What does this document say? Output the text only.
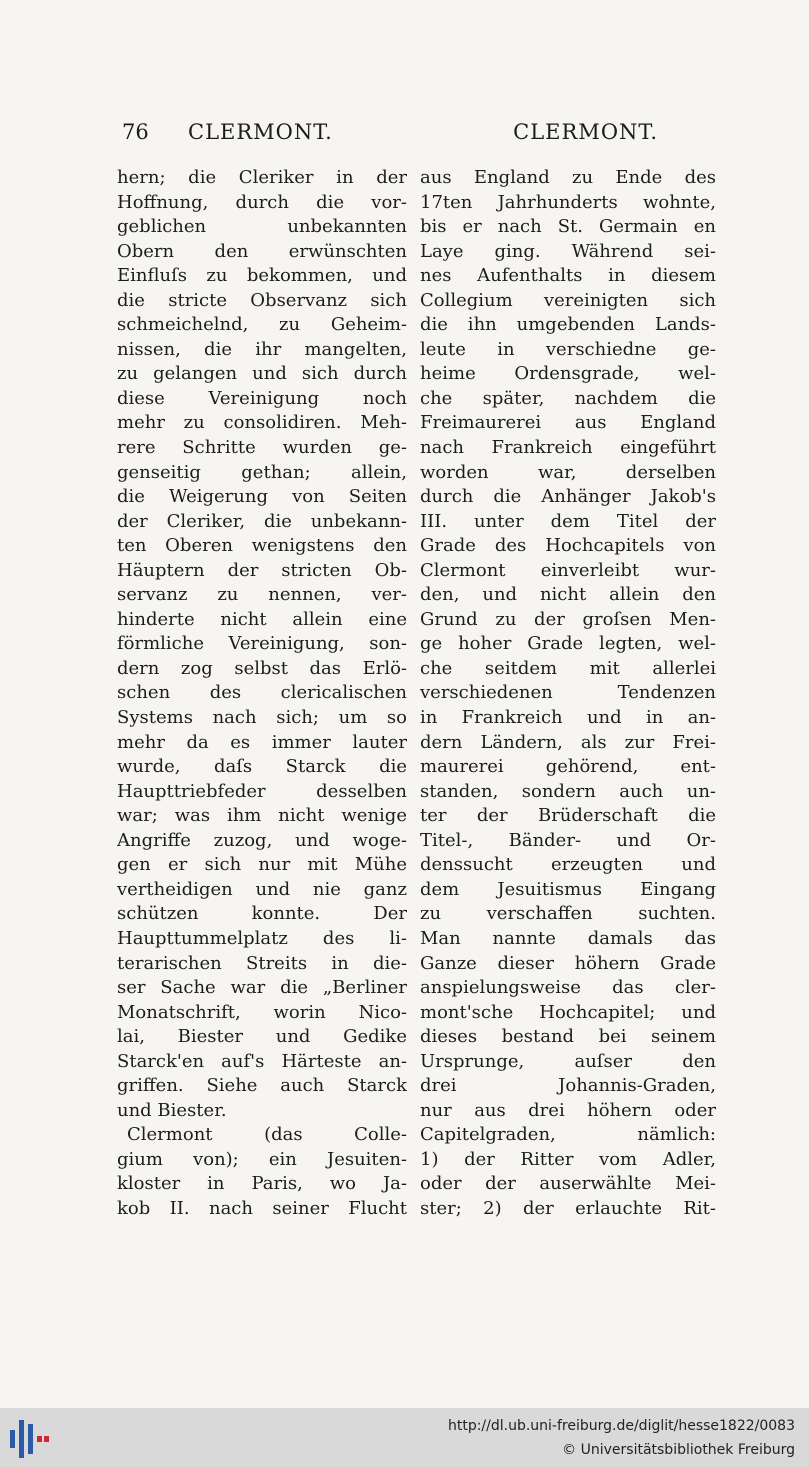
76 CLERMONT.	CLERMONT.
hern; die Cleriker in der
Hoffnung, durch die vor-
geblichen unbekannten
Obern den erwünschten
Einfluſs zu bekommen, und
die stricte Observanz sich
schmeichelnd, zu Geheim-
nissen, die ihr mangelten,
zu gelangen und sich durch
diese Vereinigung noch
mehr zu consolidiren. Meh-
rere Schritte wurden ge-
genseitig gethan; allein,
die Weigerung von Seiten
der Cleriker, die unbekann-
ten Oberen wenigstens den
Häuptern der stricten Ob-
servanz zu nennen, ver-
hinderte nicht allein eine
förmliche Vereinigung, son-
dern zog selbst das Erlö-
schen des clericalischen
Systems nach sich; um so
mehr da es immer lauter
wurde, daſs Starck die
Haupttriebfeder desselben
war; was ihm nicht wenige
Angriffe zuzog, und woge-
gen er sich nur mit Mühe
vertheidigen und nie ganz
schützen konnte. Der
Haupttummelplatz des li-
terarischen Streits in die-
ser Sache war die „Berliner
Monatschrift, worin Nico-
lai, Biester und Gedike
Starck'en auf's Härteste an-
griffen. Siehe auch Starck
und Biester.
Clermont (das Colle-
gium von); ein Jesuiten-
kloster in Paris, wo Ja-
kob II. nach seiner Flucht
aus England zu Ende des
17ten Jahrhunderts wohnte,
bis er nach St. Germain en
Laye ging. Während sei-
nes Aufenthalts in diesem
Collegium vereinigten sich
die ihn umgebenden Lands-
leute in verschiedne ge-
heime Ordensgrade, wel-
che später, nachdem die
Freimaurerei aus England
nach Frankreich eingeführt
worden war, derselben
durch die Anhänger Jakob's
III. unter dem Titel der
Grade des Hochcapitels von
Clermont einverleibt wur-
den, und nicht allein den
Grund zu der groſsen Men-
ge hoher Grade legten, wel-
che seitdem mit allerlei
verschiedenen Tendenzen
in Frankreich und in an-
dern Ländern, als zur Frei-
maurerei gehörend, ent-
standen, sondern auch un-
ter der Brüderschaft die
Titel-, Bänder- und Or-
denssucht erzeugten und
dem Jesuitismus Eingang
zu verschaffen suchten.
Man nannte damals das
Ganze dieser höhern Grade
anspielungsweise das cler-
mont'sche Hochcapitel; und
dieses bestand bei seinem
Ursprunge, auſser den
drei Johannis-Graden,
nur aus drei höhern oder
Capitelgraden, nämlich:
1) der Ritter vom Adler,
oder der auserwählte Mei-
ster; 2) der erlauchte Rit-
http://dl.ub.uni-freiburg.de/diglit/hesse1822/0083
© Universitätsbibliothek Freiburg
